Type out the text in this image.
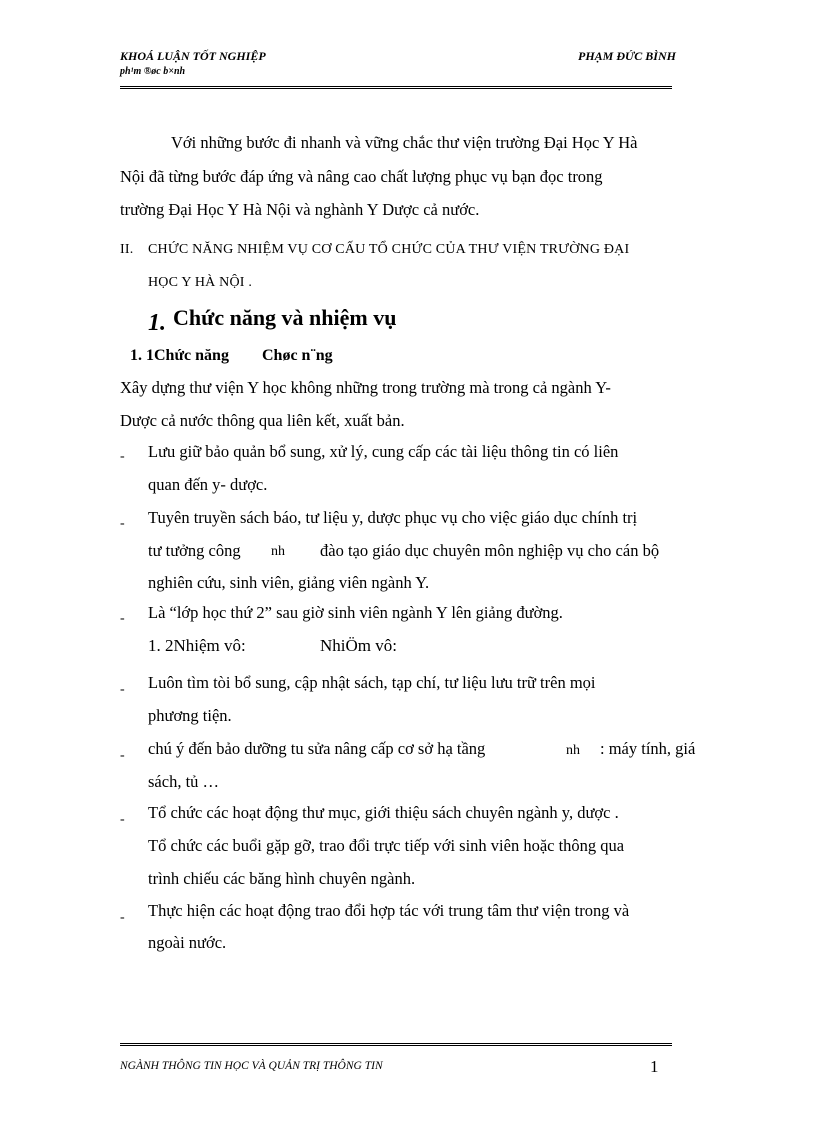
KHOÁ LUẬN TỐT NGHIỆP	PHẠM ĐỨC BÌNH
ph¹m ®øc b×nh
Với những bước đi nhanh và vững chắc thư viện trường Đại Học Y Hà
Nội đã từng bước đáp ứng và nâng cao chất lượng phục vụ bạn đọc trong
trường Đại Học Y Hà Nội và nghành Y Dược cả nước.
II. CHỨC NĂNG NHIỆM VỤ CƠ CẤU TỔ CHỨC CỦA THƯ VIỆN TRƯỜNG ĐẠI
HỌC Y HÀ NỘI .
1. Chức năng và nhiệm vụ
1. 1Chức năng Chøc n¨ng
Xây dựng thư viện Y học không những trong trường mà trong cả ngành Y-
Dược cả nước thông qua liên kết, xuất bản.
- Lưu giữ bảo quản bổ sung, xử lý, cung cấp các tài liệu thông tin có liên
quan đến y- dược.
- Tuyên truyền sách báo, tư liệu y, dược phục vụ cho việc giáo dục chính trị
tư tưởng công nh đào tạo giáo dục chuyên môn nghiệp vụ cho cán bộ
nghiên cứu, sinh viên, giảng viên ngành Y.
- Là “lớp học thứ 2” sau giờ sinh viên ngành Y lên giảng đường.
1. 2Nhiệm vô:	NhiÖm vô:
- Luôn tìm tòi bổ sung, cập nhật sách, tạp chí, tư liệu lưu trữ trên mọi
phương tiện.
- chú ý đến bảo dưỡng tu sửa nâng cấp cơ sở hạ tầng	nh : máy tính, giá
sách, tủ …
- Tổ chức các hoạt động thư mục, giới thiệu sách chuyên ngành y, dược .
Tổ chức các buổi gặp gỡ, trao đổi trực tiếp với sinh viên hoặc thông qua
trình chiếu các băng hình chuyên ngành.
- Thực hiện các hoạt động trao đổi hợp tác với trung tâm thư viện trong và
ngoài nước.
NGÀNH THÔNG TIN HỌC VÀ QUẢN TRỊ THÔNG TIN	1
